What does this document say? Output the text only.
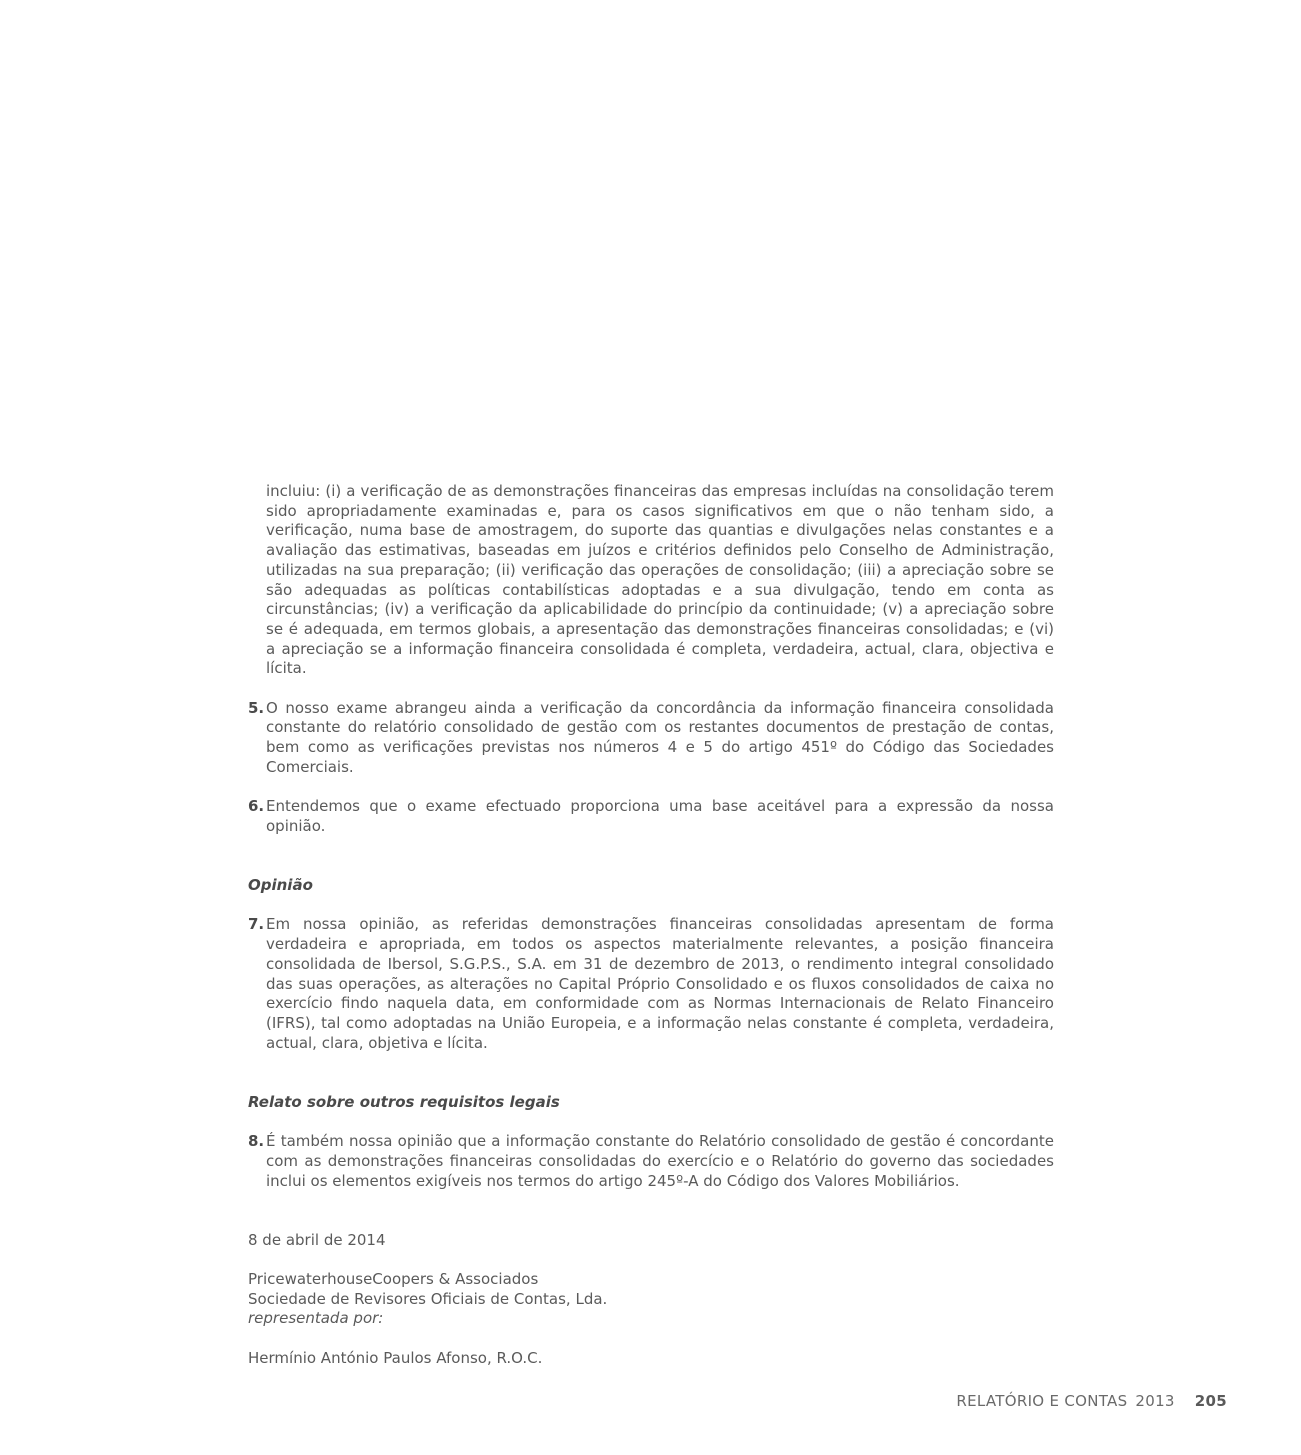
incluiu: (i) a verificação de as demonstrações financeiras das empresas incluídas na consolidação terem sido apropriadamente examinadas e, para os casos significativos em que o não tenham sido, a verificação, numa base de amostragem, do suporte das quantias e divulgações nelas constantes e a avaliação das estimativas, baseadas em juízos e critérios definidos pelo Conselho de Administração, utilizadas na sua preparação; (ii) verificação das operações de consolidação; (iii) a apreciação sobre se são adequadas as políticas contabilísticas adoptadas e a sua divulgação, tendo em conta as circunstâncias; (iv) a verificação da aplicabilidade do princípio da continuidade; (v) a apreciação sobre se é adequada, em termos globais, a apresentação das demonstrações financeiras consolidadas; e (vi) a apreciação se a informação financeira consolidada é completa, verdadeira, actual, clara, objectiva e lícita.
5. O nosso exame abrangeu ainda a verificação da concordância da informação financeira consolidada constante do relatório consolidado de gestão com os restantes documentos de prestação de contas, bem como as verificações previstas nos números 4 e 5 do artigo 451º do Código das Sociedades Comerciais.
6. Entendemos que o exame efectuado proporciona uma base aceitável para a expressão da nossa opinião.
Opinião
7. Em nossa opinião, as referidas demonstrações financeiras consolidadas apresentam de forma verdadeira e apropriada, em todos os aspectos materialmente relevantes, a posição financeira consolidada de Ibersol, S.G.P.S., S.A. em 31 de dezembro de 2013, o rendimento integral consolidado das suas operações, as alterações no Capital Próprio Consolidado e os fluxos consolidados de caixa no exercício findo naquela data, em conformidade com as Normas Internacionais de Relato Financeiro (IFRS), tal como adoptadas na União Europeia, e a informação nelas constante é completa, verdadeira, actual, clara, objetiva e lícita.
Relato sobre outros requisitos legais
8. É também nossa opinião que a informação constante do Relatório consolidado de gestão é concordante com as demonstrações financeiras consolidadas do exercício e o Relatório do governo das sociedades inclui os elementos exigíveis nos termos do artigo 245º-A do Código dos Valores Mobiliários.
8 de abril de 2014
PricewaterhouseCoopers & Associados
Sociedade de Revisores Oficiais de Contas, Lda.
representada por:
Hermínio António Paulos Afonso, R.O.C.
RELATÓRIO E CONTAS 2013 205
